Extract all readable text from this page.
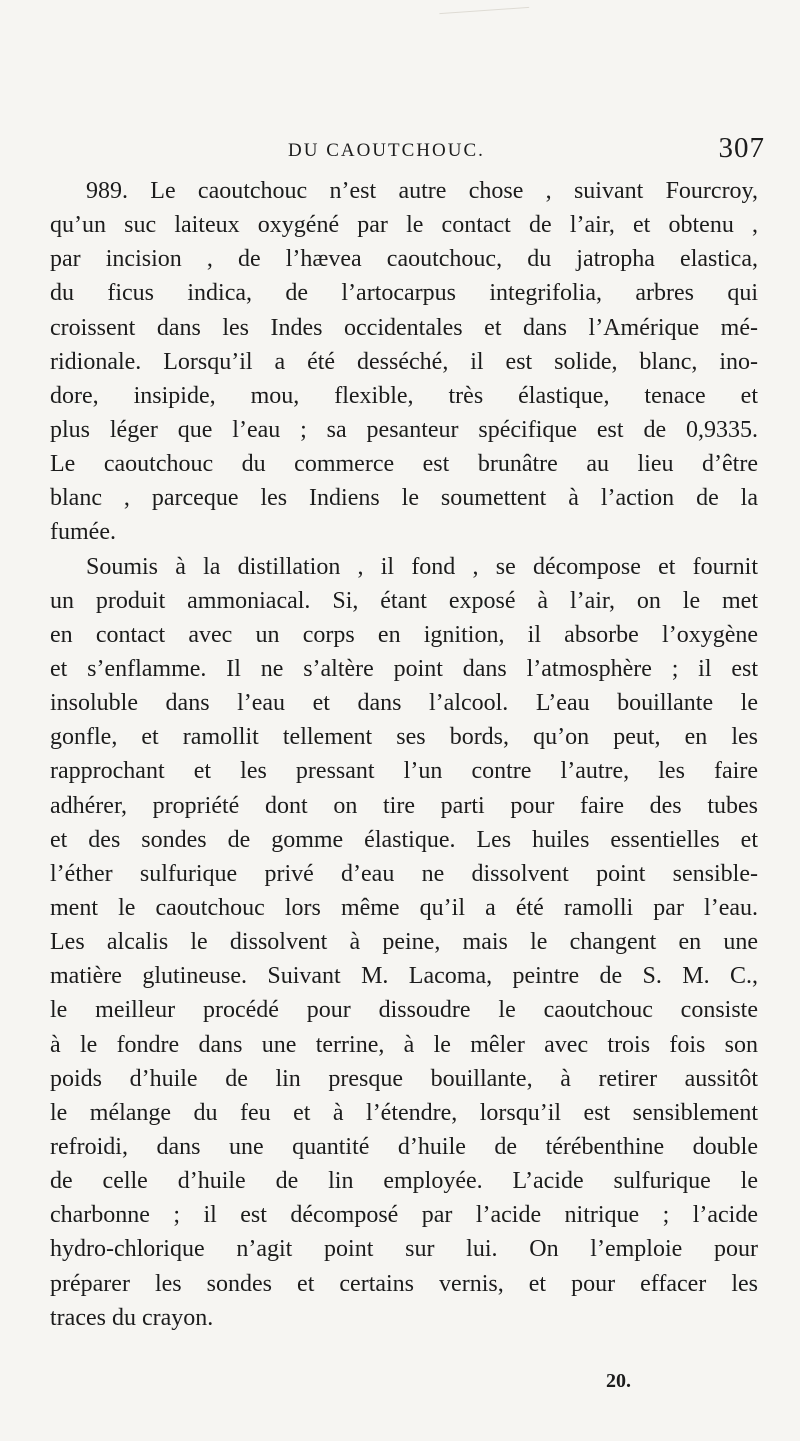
DU CAOUTCHOUC.	307
989. Le caoutchouc n’est autre chose , suivant Fourcroy,
qu’un suc laiteux oxygéné par le contact de l’air, et obtenu ,
par incision , de l’hævea caoutchouc, du jatropha elastica,
du ficus indica, de l’artocarpus integrifolia, arbres qui
croissent dans les Indes occidentales et dans l’Amérique mé-
ridionale. Lorsqu’il a été desséché, il est solide, blanc, ino-
dore, insipide, mou, flexible, très élastique, tenace et
plus léger que l’eau ; sa pesanteur spécifique est de 0,9335.
Le caoutchouc du commerce est brunâtre au lieu d’être
blanc , parceque les Indiens le soumettent à l’action de la
fumée.
Soumis à la distillation , il fond , se décompose et fournit
un produit ammoniacal. Si, étant exposé à l’air, on le met
en contact avec un corps en ignition, il absorbe l’oxygène
et s’enflamme. Il ne s’altère point dans l’atmosphère ; il est
insoluble dans l’eau et dans l’alcool. L’eau bouillante le
gonfle, et ramollit tellement ses bords, qu’on peut, en les
rapprochant et les pressant l’un contre l’autre, les faire
adhérer, propriété dont on tire parti pour faire des tubes
et des sondes de gomme élastique. Les huiles essentielles et
l’éther sulfurique privé d’eau ne dissolvent point sensible-
ment le caoutchouc lors même qu’il a été ramolli par l’eau.
Les alcalis le dissolvent à peine, mais le changent en une
matière glutineuse. Suivant M. Lacoma, peintre de S. M. C.,
le meilleur procédé pour dissoudre le caoutchouc consiste
à le fondre dans une terrine, à le mêler avec trois fois son
poids d’huile de lin presque bouillante, à retirer aussitôt
le mélange du feu et à l’étendre, lorsqu’il est sensiblement
refroidi, dans une quantité d’huile de térébenthine double
de celle d’huile de lin employée. L’acide sulfurique le
charbonne ; il est décomposé par l’acide nitrique ; l’acide
hydro-chlorique n’agit point sur lui. On l’emploie pour
préparer les sondes et certains vernis, et pour effacer les
traces du crayon.
20.
